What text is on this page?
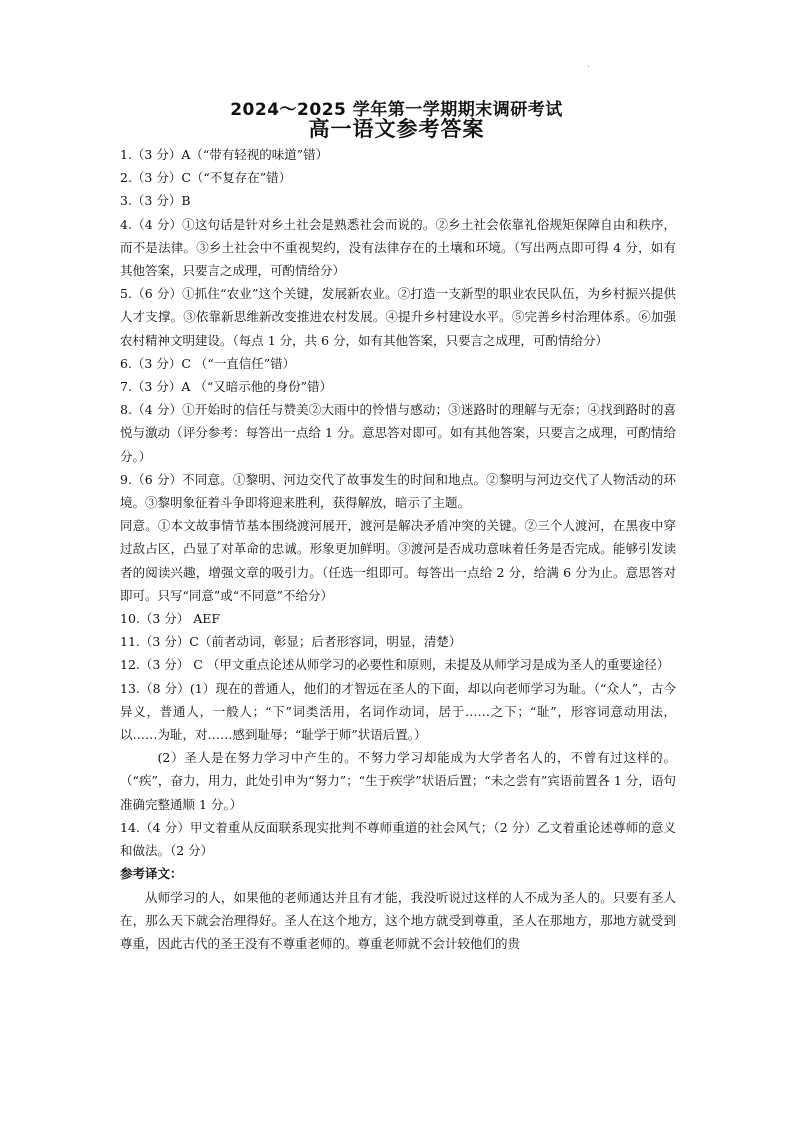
2024～2025 学年第一学期期末调研考试
高一语文参考答案

1.（3 分）A（“带有轻视的味道”错）

2.（3 分）C（“不复存在”错）

3.（3 分）B

4.（4 分）①这句话是针对乡土社会是熟悉社会而说的。②乡土社会依靠礼俗规矩保障自由和秩序，而不是法律。③乡土社会中不重视契约，没有法律存在的土壤和环境。（写出两点即可得 4 分，如有其他答案，只要言之成理，可酌情给分）

5.（6 分）①抓住“农业”这个关键，发展新农业。②打造一支新型的职业农民队伍，为乡村振兴提供人才支撑。③依靠新思维新改变推进农村发展。④提升乡村建设水平。⑤完善乡村治理体系。⑥加强农村精神文明建设。（每点 1 分，共 6 分，如有其他答案，只要言之成理，可酌情给分）

6.（3 分）C （“一直信任”错）

7.（3 分）A （“又暗示他的身份”错）

8.（4 分）①开始时的信任与赞美②大雨中的怜惜与感动；③迷路时的理解与无奈；④找到路时的喜悦与激动（评分参考：每答出一点给 1 分。意思答对即可。如有其他答案，只要言之成理，可酌情给分。）

9.（6 分）不同意。①黎明、河边交代了故事发生的时间和地点。②黎明与河边交代了人物活动的环境。③黎明象征着斗争即将迎来胜利，获得解放，暗示了主题。

同意。①本文故事情节基本围绕渡河展开，渡河是解决矛盾冲突的关键。②三个人渡河，在黑夜中穿过敌占区，凸显了对革命的忠诚。形象更加鲜明。③渡河是否成功意味着任务是否完成。能够引发读者的阅读兴趣，增强文章的吸引力。（任选一组即可。每答出一点给 2 分，给满 6 分为止。意思答对即可。只写“同意”或“不同意”不给分）

10.（3 分） AEF

11.（3 分）C（前者动词，彰显；后者形容词，明显，清楚）

12.（3 分） C （甲文重点论述从师学习的必要性和原则，未提及从师学习是成为圣人的重要途径）

13.（8 分）(1）现在的普通人，他们的才智远在圣人的下面，却以向老师学习为耻。（“众人”，古今异义，普通人，一般人；“下”词类活用，名词作动词，居于……之下；“耻”，形容词意动用法，以……为耻，对……感到耻辱；“耻学于师”状语后置。）

(2）圣人是在努力学习中产生的。不努力学习却能成为大学者名人的，不曾有过这样的。（“疾”，奋力，用力，此处引申为“努力”；“生于疾学”状语后置；“未之尝有”宾语前置各 1 分，语句准确完整通顺 1 分。）

14.（4 分）甲文着重从反面联系现实批判不尊师重道的社会风气；（2 分）乙文着重论述尊师的意义和做法。（2 分）

参考译文：

从师学习的人，如果他的老师通达并且有才能，我没听说过这样的人不成为圣人的。只要有圣人在，那么天下就会治理得好。圣人在这个地方，这个地方就受到尊重，圣人在那地方，那地方就受到尊重，因此古代的圣王没有不尊重老师的。尊重老师就不会计较他们的贵
